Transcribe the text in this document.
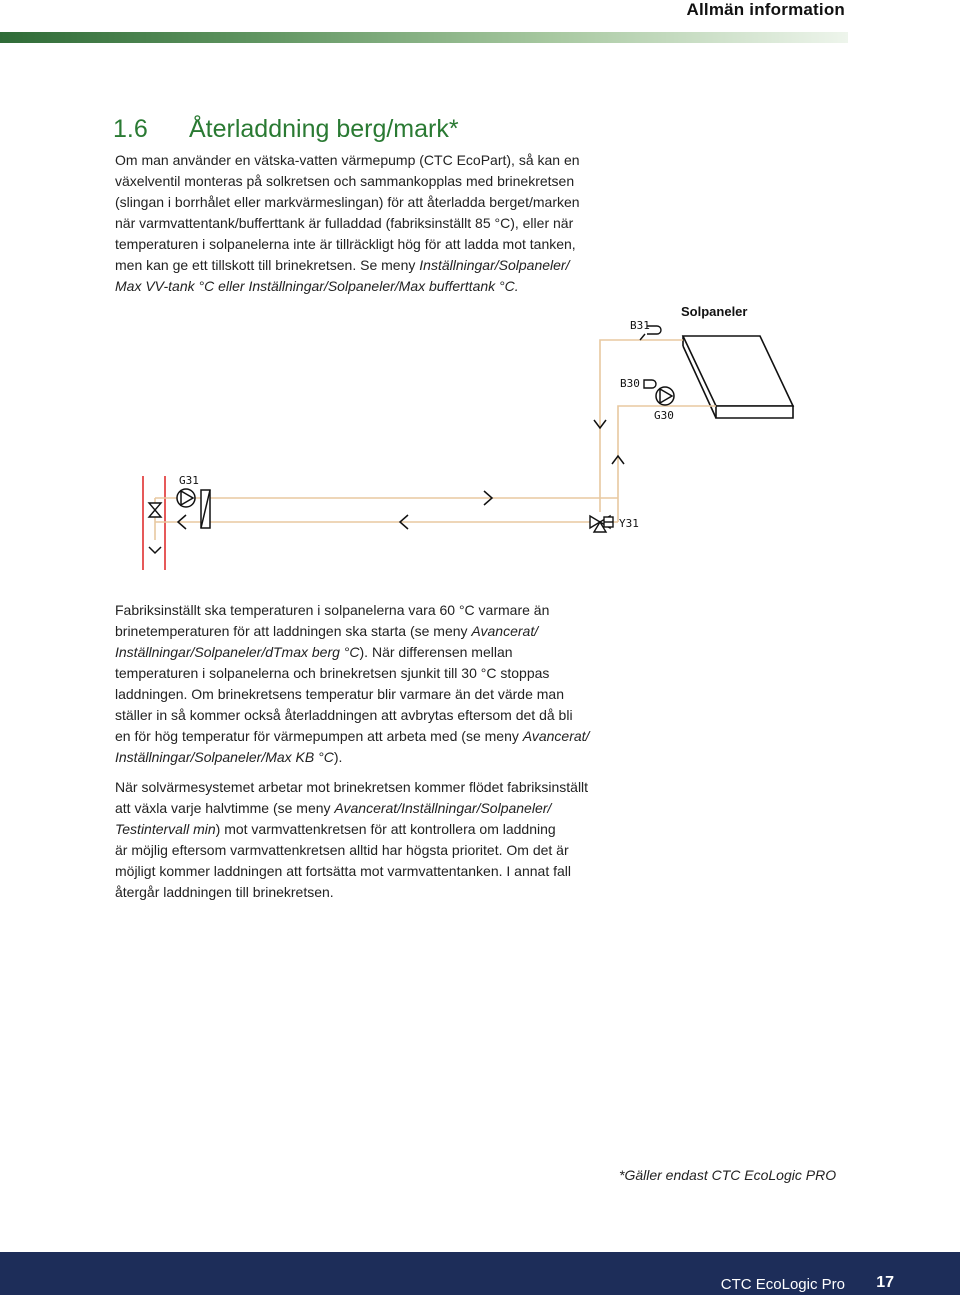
Allmän information
1.6 Återladdning berg/mark*
Om man använder en vätska-vatten värmepump (CTC EcoPart), så kan en
växelventil monteras på solkretsen och sammankopplas med brinekretsen
(slingan i borrhålet eller markvärmeslingan) för att återladda berget/marken
när varmvattentank/bufferttank är fulladdad (fabriksinställt 85 °C), eller när
temperaturen i solpanelerna inte är tillräckligt hög för att ladda mot tanken,
men kan ge ett tillskott till brinekretsen. Se meny Inställningar/Solpaneler/
Max VV-tank °C eller Inställningar/Solpaneler/Max bufferttank °C.
Solpaneler
B31
B30
G30
G31
Y31
Fabriksinställt ska temperaturen i solpanelerna vara 60 °C varmare än
brinetemperaturen för att laddningen ska starta (se meny Avancerat/
Inställningar/Solpaneler/dTmax berg °C). När differensen mellan
temperaturen i solpanelerna och brinekretsen sjunkit till 30 °C stoppas
laddningen. Om brinekretsens temperatur blir varmare än det värde man
ställer in så kommer också återladdningen att avbrytas eftersom det då bli
en för hög temperatur för värmepumpen att arbeta med (se meny Avancerat/
Inställningar/Solpaneler/Max KB °C).
När solvärmesystemet arbetar mot brinekretsen kommer flödet fabriksinställt
att växla varje halvtimme (se meny Avancerat/Inställningar/Solpaneler/
Testintervall min) mot varmvattenkretsen för att kontrollera om laddning
är möjlig eftersom varmvattenkretsen alltid har högsta prioritet. Om det är
möjligt kommer laddningen att fortsätta mot varmvattentanken. I annat fall
återgår laddningen till brinekretsen.
*Gäller endast CTC EcoLogic PRO
CTC EcoLogic Pro 17
